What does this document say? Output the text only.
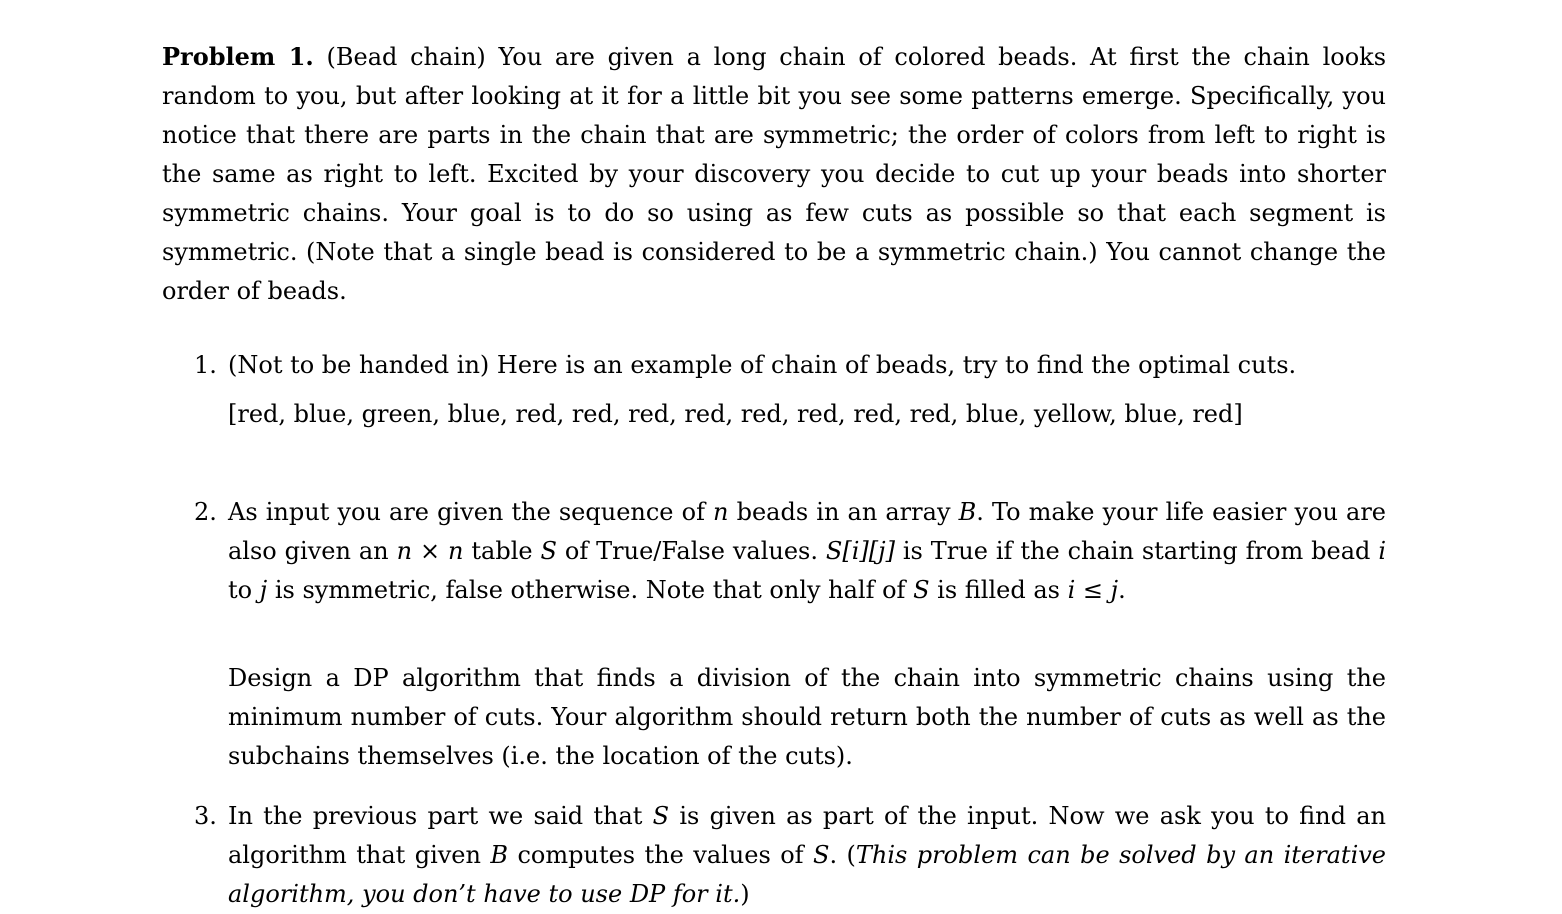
Problem 1. (Bead chain) You are given a long chain of colored beads. At first the chain looks random to you, but after looking at it for a little bit you see some patterns emerge. Specifically, you notice that there are parts in the chain that are symmetric; the order of colors from left to right is the same as right to left. Excited by your discovery you decide to cut up your beads into shorter symmetric chains. Your goal is to do so using as few cuts as possible so that each segment is symmetric. (Note that a single bead is considered to be a symmetric chain.) You cannot change the order of beads.

1. (Not to be handed in) Here is an example of chain of beads, try to find the optimal cuts.

[red, blue, green, blue, red, red, red, red, red, red, red, red, blue, yellow, blue, red]

2. As input you are given the sequence of n beads in an array B. To make your life easier you are also given an n × n table S of True/False values. S[i][j] is True if the chain starting from bead i to j is symmetric, false otherwise. Note that only half of S is filled as i ≤ j.

Design a DP algorithm that finds a division of the chain into symmetric chains using the minimum number of cuts. Your algorithm should return both the number of cuts as well as the subchains themselves (i.e. the location of the cuts).

3. In the previous part we said that S is given as part of the input. Now we ask you to find an algorithm that given B computes the values of S. (This problem can be solved by an iterative algorithm, you don’t have to use DP for it.)
